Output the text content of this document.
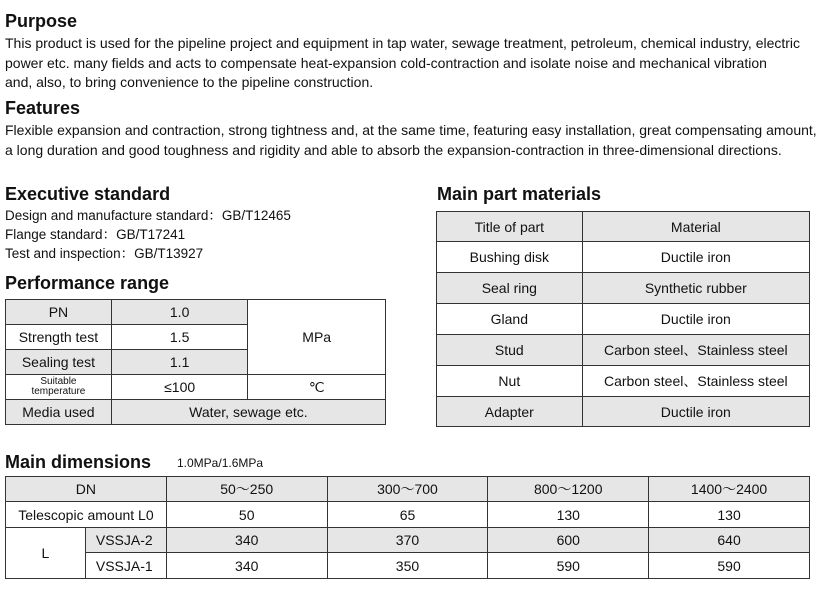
Purpose
This product is used for the pipeline project and equipment in tap water, sewage treatment, petroleum, chemical industry, electric
power etc. many fields and acts to compensate heat-expansion cold-contraction and isolate noise and mechanical vibration
and, also, to bring convenience to the pipeline construction.
Features
Flexible expansion and contraction, strong tightness and, at the same time, featuring easy installation, great compensating amount,
a long duration and good toughness and rigidity and able to absorb the expansion-contraction in three-dimensional directions.
Executive standard
Design and manufacture standard：GB/T12465
Flange standard：GB/T17241
Test and inspection：GB/T13927
Performance range
PN	1.0	MPa
Strength test	1.5	
Sealing test	1.1	
Suitable temperature	≤100	℃
Media used	Water, sewage etc.	
Main part materials
Title of part	Material
Bushing disk	Ductile iron
Seal ring	Synthetic rubber
Gland	Ductile iron
Stud	Carbon steel、Stainless steel
Nut	Carbon steel、Stainless steel
Adapter	Ductile iron
Main dimensions 1.0MPa/1.6MPa
DN		50～250	300～700	800～1200	1400～2400
Telescopic amount L0		50	65	130	130
L	VSSJA-2	340	370	600	640
	VSSJA-1	340	350	590	590
